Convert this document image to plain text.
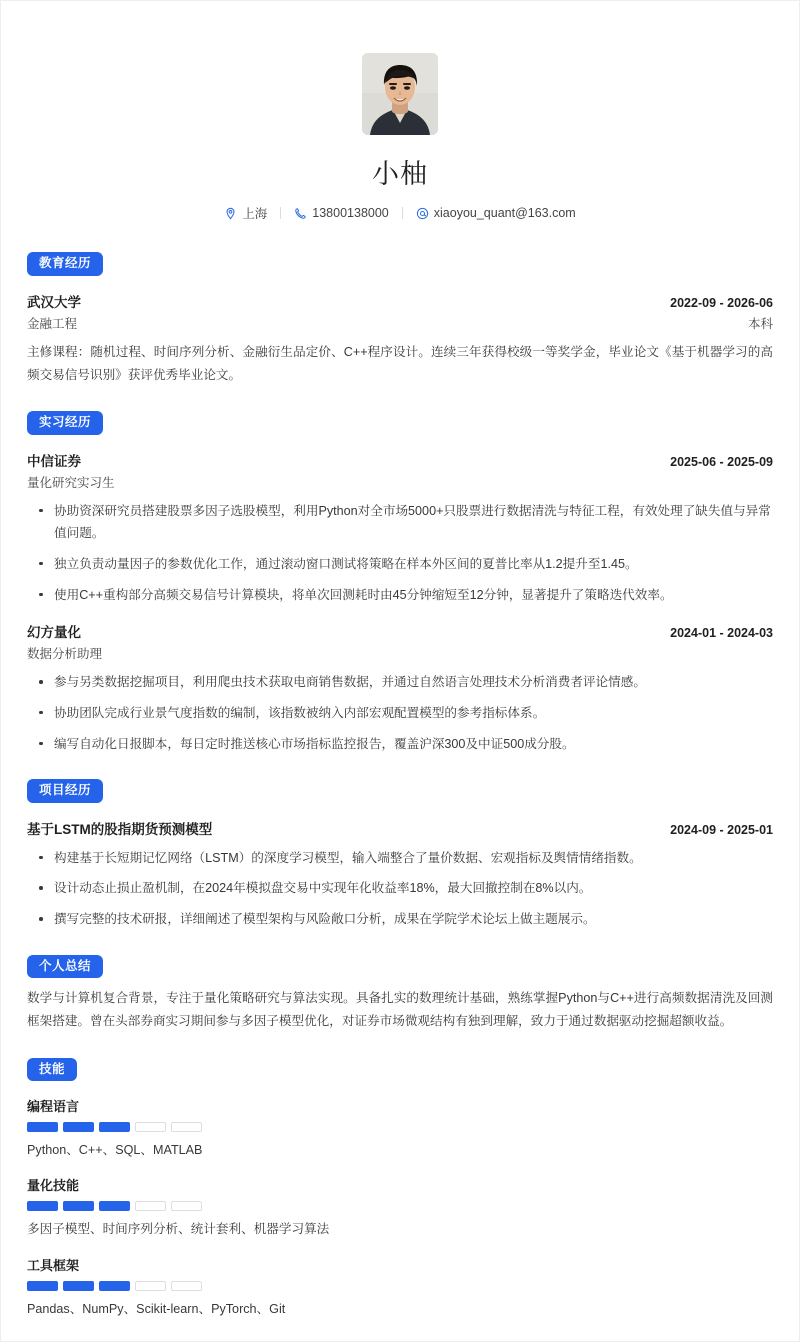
小柚
上海	13800138000	xiaoyou_quant@163.com
教育经历
武汉大学	2022-09 - 2026-06
金融工程	本科
主修课程：随机过程、时间序列分析、金融衍生品定价、C++程序设计。连续三年获得校级一等奖学金，毕业论文《基于机器学习的高频交易信号识别》获评优秀毕业论文。
实习经历
中信证券	2025-06 - 2025-09
量化研究实习生
协助资深研究员搭建股票多因子选股模型，利用Python对全市场5000+只股票进行数据清洗与特征工程，有效处理了缺失值与异常值问题。
独立负责动量因子的参数优化工作，通过滚动窗口测试将策略在样本外区间的夏普比率从1.2提升至1.45。
使用C++重构部分高频交易信号计算模块，将单次回测耗时由45分钟缩短至12分钟，显著提升了策略迭代效率。
幻方量化	2024-01 - 2024-03
数据分析助理
参与另类数据挖掘项目，利用爬虫技术获取电商销售数据，并通过自然语言处理技术分析消费者评论情感。
协助团队完成行业景气度指数的编制，该指数被纳入内部宏观配置模型的参考指标体系。
编写自动化日报脚本，每日定时推送核心市场指标监控报告，覆盖沪深300及中证500成分股。
项目经历
基于LSTM的股指期货预测模型	2024-09 - 2025-01
构建基于长短期记忆网络（LSTM）的深度学习模型，输入端整合了量价数据、宏观指标及舆情情绪指数。
设计动态止损止盈机制，在2024年模拟盘交易中实现年化收益率18%，最大回撤控制在8%以内。
撰写完整的技术研报，详细阐述了模型架构与风险敞口分析，成果在学院学术论坛上做主题展示。
个人总结
数学与计算机复合背景，专注于量化策略研究与算法实现。具备扎实的数理统计基础，熟练掌握Python与C++进行高频数据清洗及回测框架搭建。曾在头部券商实习期间参与多因子模型优化，对证券市场微观结构有独到理解，致力于通过数据驱动挖掘超额收益。
技能
编程语言
Python、C++、SQL、MATLAB
量化技能
多因子模型、时间序列分析、统计套利、机器学习算法
工具框架
Pandas、NumPy、Scikit-learn、PyTorch、Git
